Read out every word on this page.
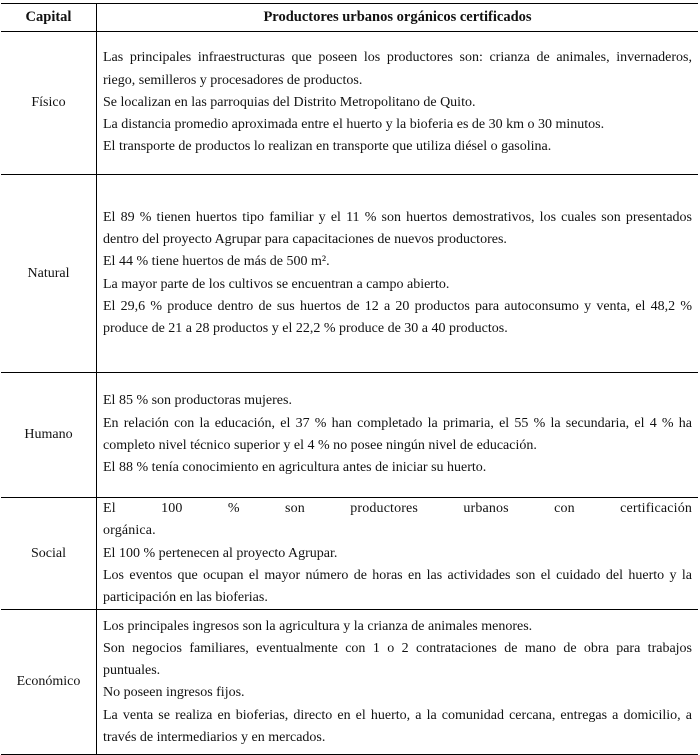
Capital	Productores urbanos orgánicos certificados
Físico	Las principales infraestructuras que poseen los productores son: crianza de animales, invernaderos, riego, semilleros y procesadores de productos.
Se localizan en las parroquias del Distrito Metropolitano de Quito.
La distancia promedio aproximada entre el huerto y la bioferia es de 30 km o 30 minutos.
El transporte de productos lo realizan en transporte que utiliza diésel o gasolina.

Natural	El 89 % tienen huertos tipo familiar y el 11 % son huertos demostrativos, los cuales son presentados dentro del proyecto Agrupar para capacitaciones de nuevos productores.
El 44 % tiene huertos de más de 500 m².
La mayor parte de los cultivos se encuentran a campo abierto.
El 29,6 % produce dentro de sus huertos de 12 a 20 productos para autoconsumo y venta, el 48,2 % produce de 21 a 28 productos y el 22,2 % produce de 30 a 40 productos.

Humano	El 85 % son productoras mujeres.
En relación con la educación, el 37 % han completado la primaria, el 55 % la secundaria, el 4 % ha completo nivel técnico superior y el 4 % no posee ningún nivel de educación.
El 88 % tenía conocimiento en agricultura antes de iniciar su huerto.

Social	El 100 % son productores urbanos con certificación orgánica.
El 100 % pertenecen al proyecto Agrupar.
Los eventos que ocupan el mayor número de horas en las actividades son el cuidado del huerto y la participación en las bioferias.

Económico	Los principales ingresos son la agricultura y la crianza de animales menores.
Son negocios familiares, eventualmente con 1 o 2 contrataciones de mano de obra para trabajos puntuales.
No poseen ingresos fijos.
La venta se realiza en bioferias, directo en el huerto, a la comunidad cercana, entregas a domicilio, a través de intermediarios y en mercados.
